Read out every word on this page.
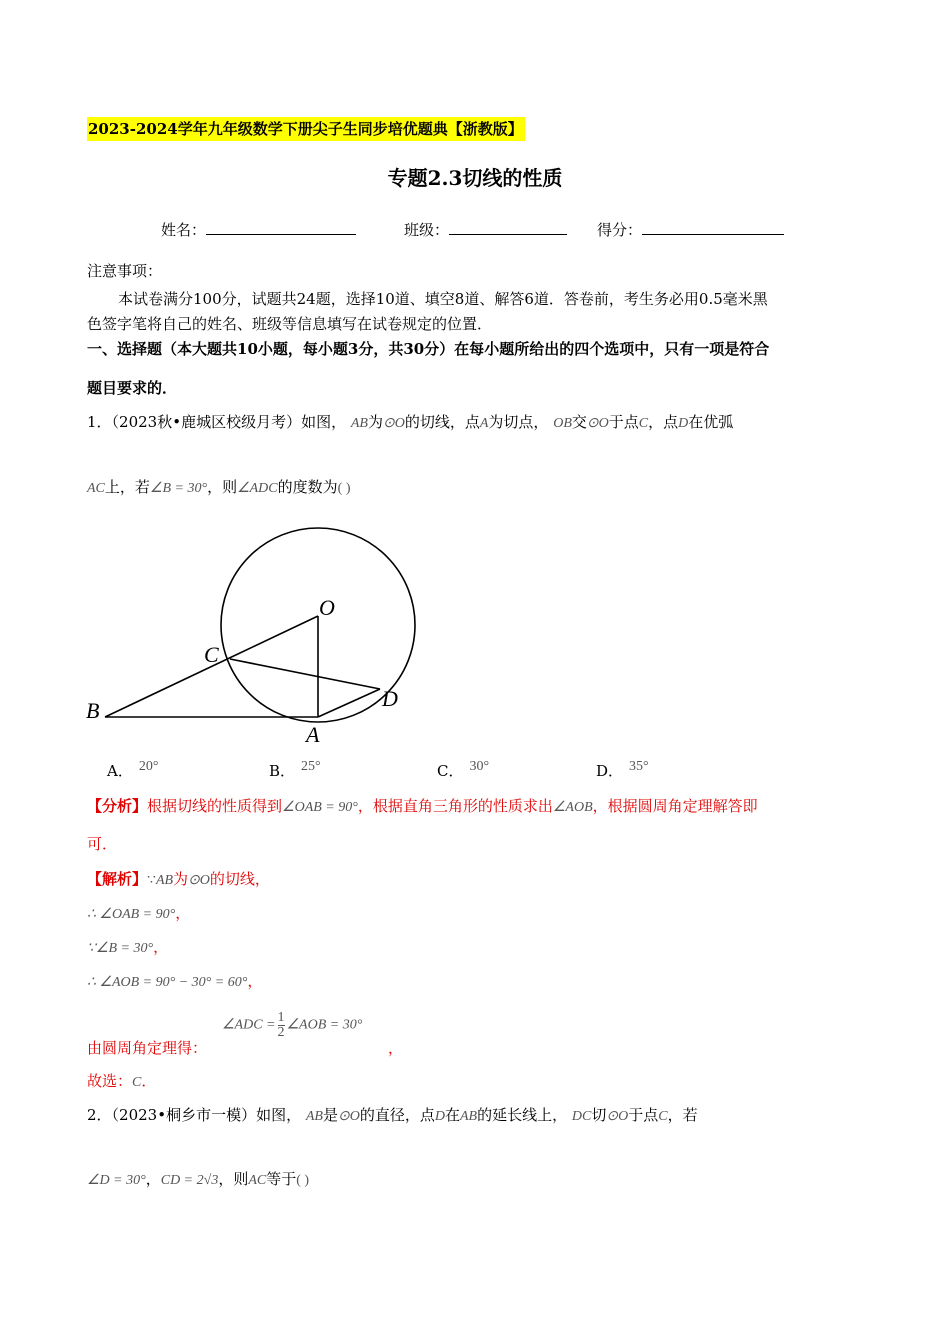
2023-2024学年九年级数学下册尖子生同步培优题典【浙教版】
专题2.3切线的性质
姓名：	班级：	得分：
注意事项：
本试卷满分100分，试题共24题，选择10道、填空8道、解答6道．答卷前，考生务必用0.5毫米黑
色签字笔将自己的姓名、班级等信息填写在试卷规定的位置．
一、选择题（本大题共10小题，每小题3分，共30分）在每小题所给出的四个选项中，只有一项是符合
题目要求的．
1．（2023秋•鹿城区校级月考）如图， AB为⊙O的切线，点A为切点， OB交⊙O于点C，点D在优弧
AC上，若∠B = 30°，则∠ADC的度数为( )
O
C
D
B
A
A． 20°	B． 25°	C． 30°	D． 35°
【分析】根据切线的性质得到∠OAB = 90°，根据直角三角形的性质求出∠AOB，根据圆周角定理解答即
可．
【解析】∵AB为⊙O的切线，
∴ ∠OAB = 90°，
∵∠B = 30°，
∴ ∠AOB = 90° − 30° = 60°，
由圆周角定理得：
∠ADC = $\frac{1}{2}$ ∠AOB = 30°
，
故选：C．
2．（2023•桐乡市一模）如图， AB是⊙O的直径，点D在AB的延长线上， DC切⊙O于点C，若
∠D = 30°，CD = 2√3，则AC等于( )
